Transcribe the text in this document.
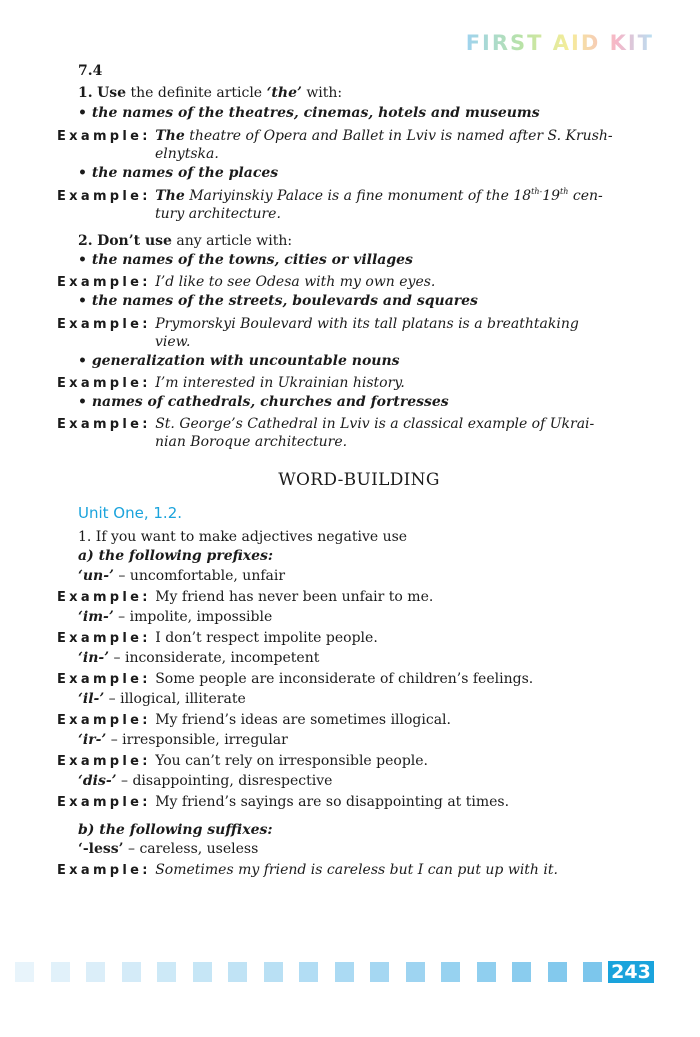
FIRST AID KIT
7.4
1. Use the definite article ‘the’ with:
• the names of the theatres, cinemas, hotels and museums
Example: The theatre of Opera and Ballet in Lviv is named after S. Krush-
elnytska.
• the names of the places
Example: The Mariyinskiy Palace is a fine monument of the $18^{th-}19th$ cen-
tury architecture.
2. Don’t use any article with:
• the names of the towns, cities or villages
Example: I’d like to see Odesa with my own eyes.
• the names of the streets, boulevards and squares
Example: Prymorskyi Boulevard with its tall platans is a breathtaking
view.
• generalization with uncountable nouns
Example: I’m interested in Ukrainian history.
• names of cathedrals, churches and fortresses
Example: St. George’s Cathedral in Lviv is a classical example of Ukrai-
nian Boroque architecture.
WORD-BUILDING
Unit One, 1.2.
1. If you want to make adjectives negative use
a) the following prefixes:
‘un-’ – uncomfortable, unfair
Example: My friend has never been unfair to me.
‘im-’ – impolite, impossible
Example: I don’t respect impolite people.
‘in-’ – inconsiderate, incompetent
Example: Some people are inconsiderate of children’s feelings.
‘il-’ – illogical, illiterate
Example: My friend’s ideas are sometimes illogical.
‘ir-’ – irresponsible, irregular
Example: You can’t rely on irresponsible people.
‘dis-’ – disappointing, disrespective
Example: My friend’s sayings are so disappointing at times.
b) the following suffixes:
‘-less’ – careless, useless
Example: Sometimes my friend is careless but I can put up with it.
243
